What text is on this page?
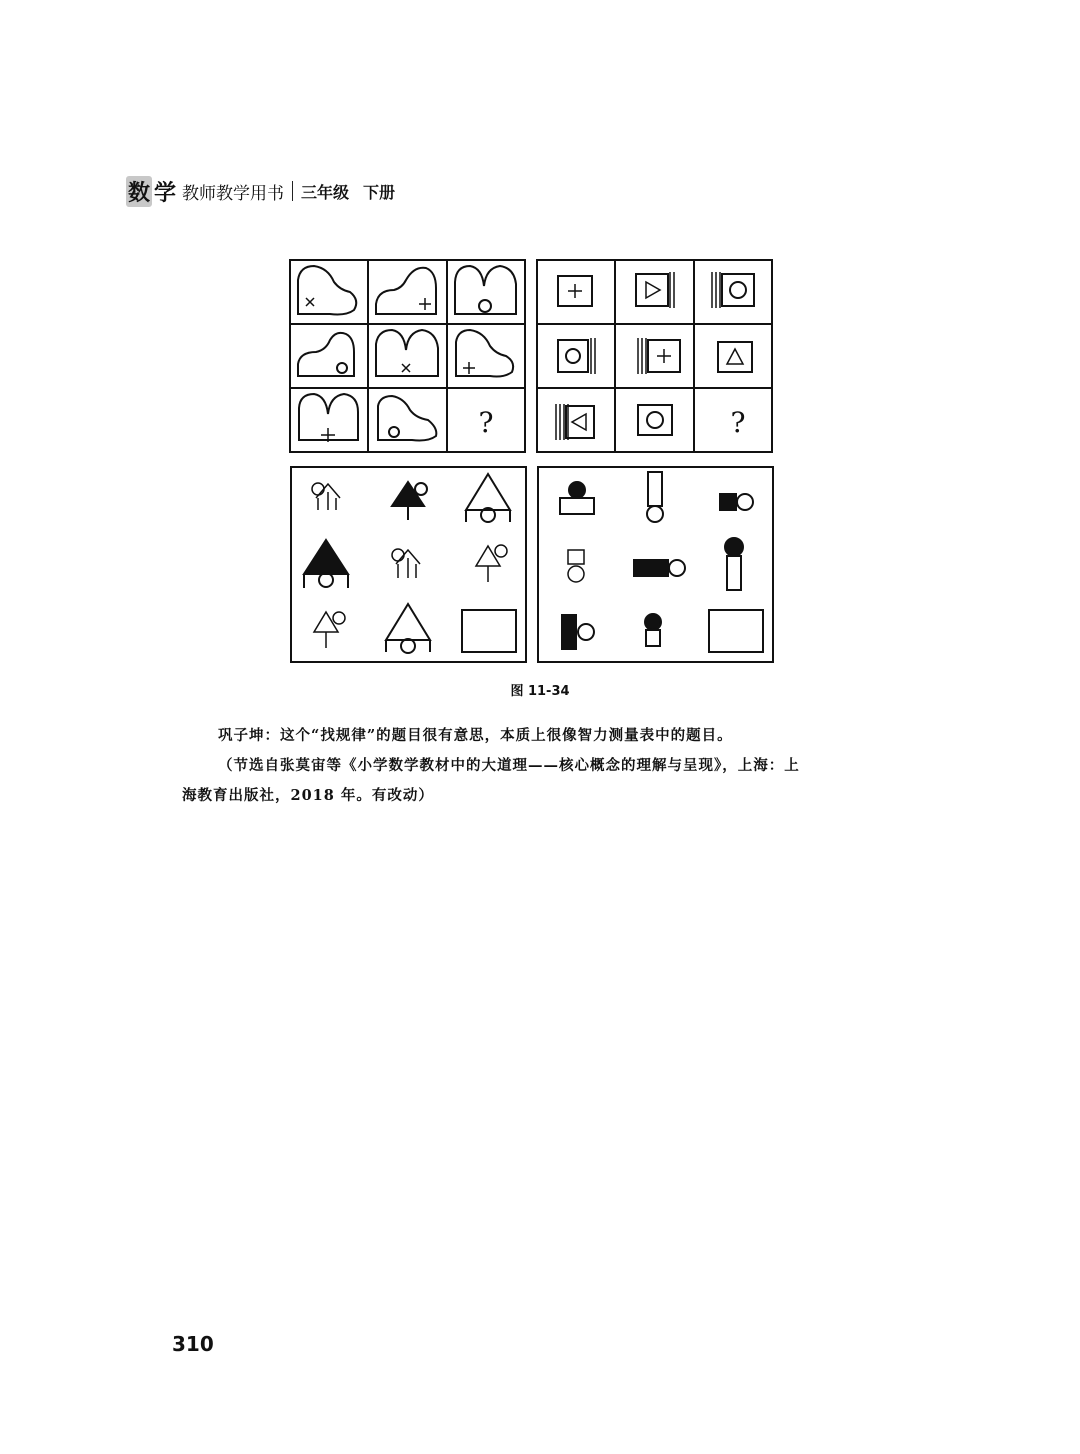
数 学 教师教学用书 三年级 下册
?	?
图 11-34
巩子坤：这个“找规律”的题目很有意思，本质上很像智力测量表中的题目。
（节选自张莫宙等《小学数学教材中的大道理——核心概念的理解与呈现》，上海：上
海教育出版社，2018 年。有改动）
310
